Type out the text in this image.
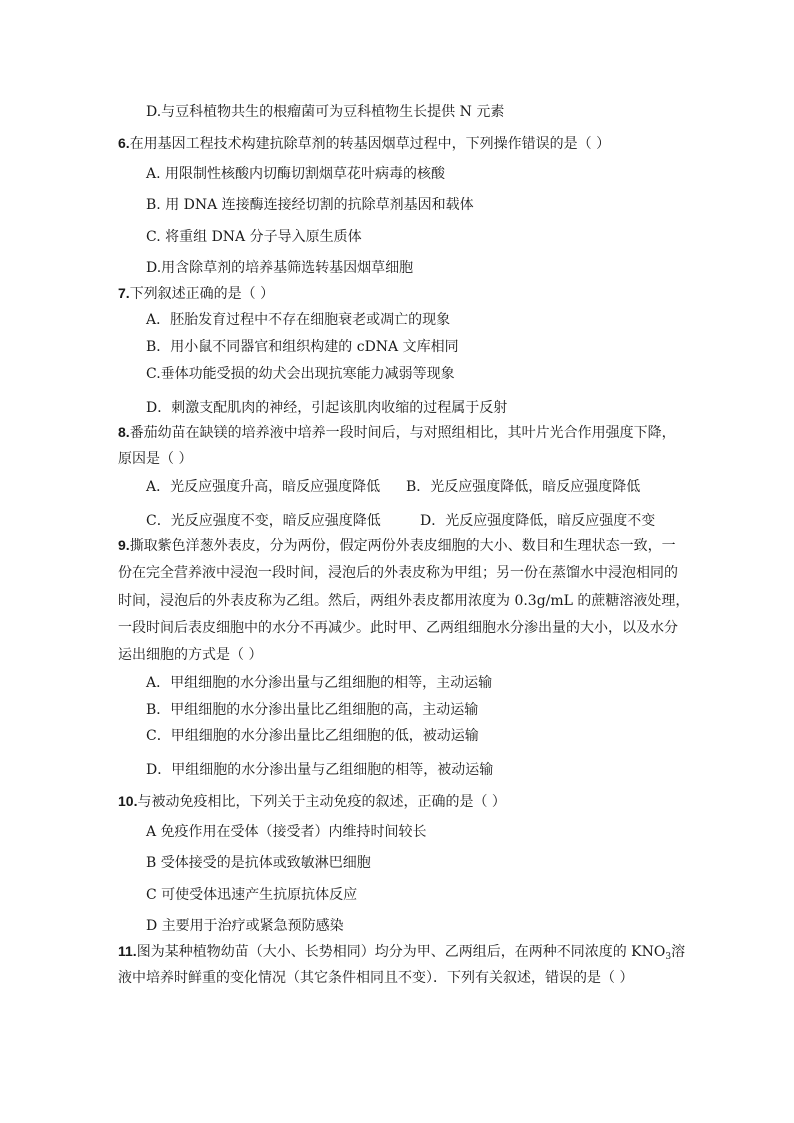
D.与豆科植物共生的根瘤菌可为豆科植物生长提供 N 元素
6.在用基因工程技术构建抗除草剂的转基因烟草过程中，下列操作错误的是（ ）
A. 用限制性核酸内切酶切割烟草花叶病毒的核酸
B. 用 DNA 连接酶连接经切割的抗除草剂基因和载体
C. 将重组 DNA 分子导入原生质体
D.用含除草剂的培养基筛选转基因烟草细胞
7.下列叙述正确的是（ ）
A．胚胎发育过程中不存在细胞衰老或凋亡的现象
B．用小鼠不同器官和组织构建的 cDNA 文库相同
C.垂体功能受损的幼犬会出现抗寒能力减弱等现象
D．刺激支配肌肉的神经，引起该肌肉收缩的过程属于反射
8.番茄幼苗在缺镁的培养液中培养一段时间后，与对照组相比，其叶片光合作用强度下降，
原因是（ ）
A．光反应强度升高，暗反应强度降低 B．光反应强度降低，暗反应强度降低
C．光反应强度不变，暗反应强度降低	D．光反应强度降低，暗反应强度不变
9.撕取紫色洋葱外表皮，分为两份，假定两份外表皮细胞的大小、数目和生理状态一致，一
份在完全营养液中浸泡一段时间，浸泡后的外表皮称为甲组；另一份在蒸馏水中浸泡相同的
时间，浸泡后的外表皮称为乙组。然后，两组外表皮都用浓度为 0.3g/mL 的蔗糖溶液处理，
一段时间后表皮细胞中的水分不再减少。此时甲、乙两组细胞水分渗出量的大小，以及水分
运出细胞的方式是（ ）
A．甲组细胞的水分渗出量与乙组细胞的相等，主动运输
B．甲组细胞的水分渗出量比乙组细胞的高，主动运输
C．甲组细胞的水分渗出量比乙组细胞的低，被动运输
D．甲组细胞的水分渗出量与乙组细胞的相等，被动运输
10.与被动免疫相比，下列关于主动免疫的叙述，正确的是（ ）
A 免疫作用在受体（接受者）内维持时间较长
B 受体接受的是抗体或致敏淋巴细胞
C 可使受体迅速产生抗原抗体反应
D 主要用于治疗或紧急预防感染
11.图为某种植物幼苗（大小、长势相同）均分为甲、乙两组后，在两种不同浓度的 $KNO_3$溶
液中培养时鲜重的变化情况（其它条件相同且不变）．下列有关叙述，错误的是（ ）
